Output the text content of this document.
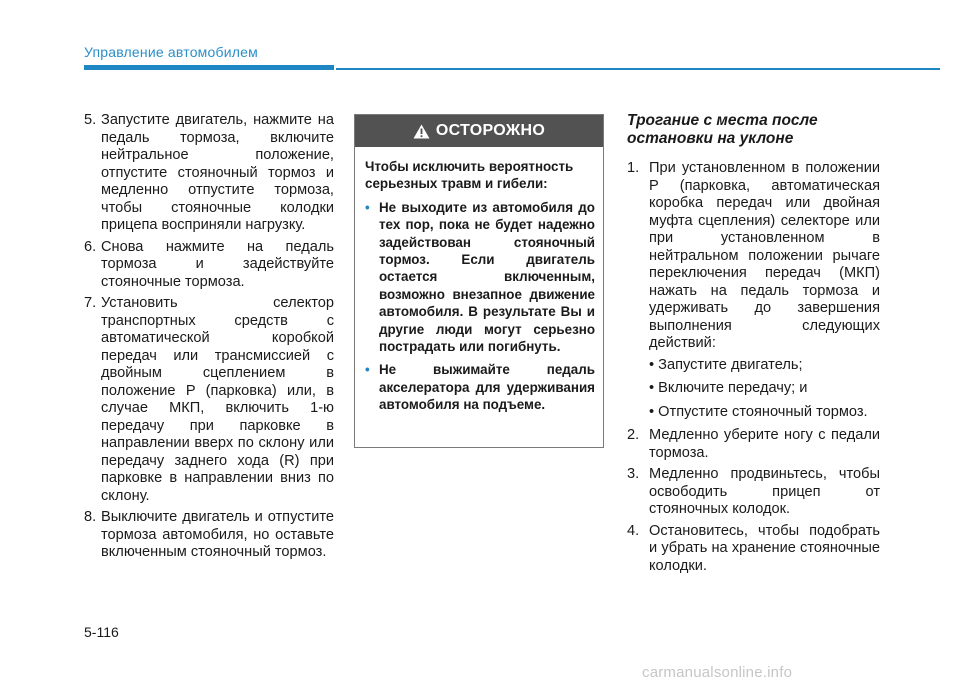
Управление автомобилем
5. Запустите двигатель, нажмите на педаль тормоза, включите нейтральное положение, отпустите стояночный тормоз и медленно отпустите тормоза, чтобы стояночные колодки прицепа восприняли нагрузку.
6. Снова нажмите на педаль тормоза и задействуйте стояночные тормоза.
7. Установить селектор транспортных средств с автоматической коробкой передач или трансмиссией с двойным сцеплением в положение P (парковка) или, в случае МКП, включить 1-ю передачу при парковке в направлении вверх по склону или передачу заднего хода (R) при парковке в направлении вниз по склону.
8. Выключите двигатель и отпустите тормоза автомобиля, но оставьте включенным стояночный тормоз.
ОСТОРОЖНО
Чтобы исключить вероятность серьезных травм и гибели:
• Не выходите из автомобиля до тех пор, пока не будет надежно задействован стояночный тормоз. Если двигатель остается включенным, возможно внезапное движение автомобиля. В результате Вы и другие люди могут серьезно пострадать или погибнуть.
• Не выжимайте педаль акселератора для удерживания автомобиля на подъеме.
Трогание с места после
остановки на уклоне
1. При установленном в положении P (парковка, автоматическая коробка передач или двойная муфта сцепления) селекторе или при установленном в нейтральном положении рычаге переключения передач (МКП) нажать на педаль тормоза и удерживать до завершения выполнения следующих действий:
• Запустите двигатель;
• Включите передачу; и
• Отпустите стояночный тормоз.
2. Медленно уберите ногу с педали тормоза.
3. Медленно продвиньтесь, чтобы освободить прицеп от стояночных колодок.
4. Остановитесь, чтобы подобрать и убрать на хранение стояночные колодки.
5-116
carmanualsonline.info
